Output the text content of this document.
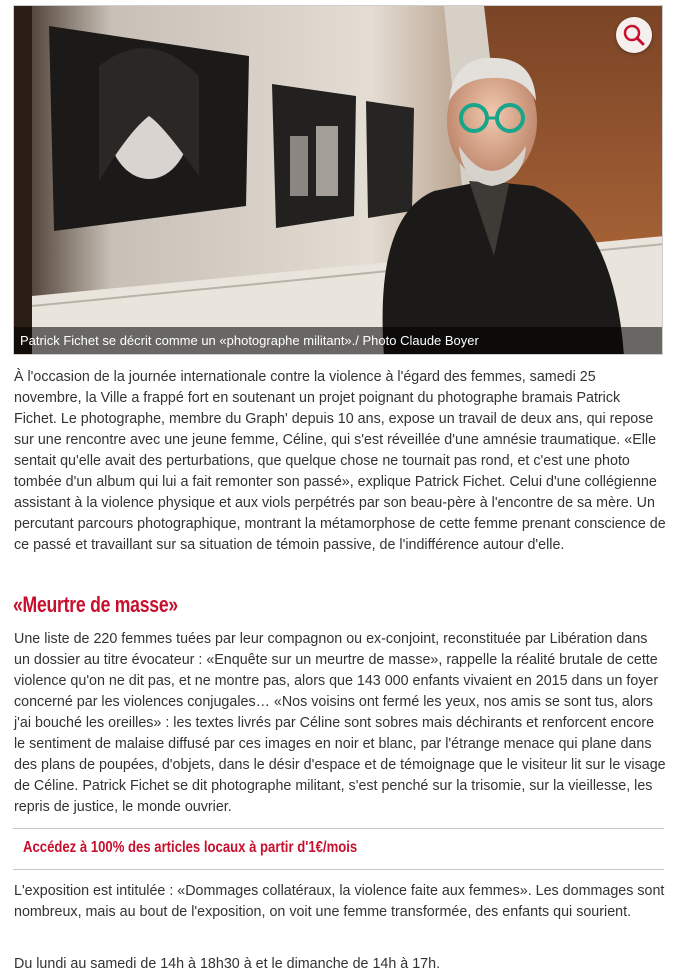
Patrick Fichet se décrit comme un «photographe militant»./ Photo Claude Boyer

À l'occasion de la journée internationale contre la violence à l'égard des femmes, samedi 25 novembre, la Ville a frappé fort en soutenant un projet poignant du photographe bramais Patrick Fichet. Le photographe, membre du Graph' depuis 10 ans, expose un travail de deux ans, qui repose sur une rencontre avec une jeune femme, Céline, qui s'est réveillée d'une amnésie traumatique. «Elle sentait qu'elle avait des perturbations, que quelque chose ne tournait pas rond, et c'est une photo tombée d'un album qui lui a fait remonter son passé», explique Patrick Fichet. Celui d'une collégienne assistant à la violence physique et aux viols perpétrés par son beau-père à l'encontre de sa mère. Un percutant parcours photographique, montrant la métamorphose de cette femme prenant conscience de ce passé et travaillant sur sa situation de témoin passive, de l'indifférence autour d'elle.

«Meurtre de masse»

Une liste de 220 femmes tuées par leur compagnon ou ex-conjoint, reconstituée par Libération dans un dossier au titre évocateur : «Enquête sur un meurtre de masse», rappelle la réalité brutale de cette violence qu'on ne dit pas, et ne montre pas, alors que 143 000 enfants vivaient en 2015 dans un foyer concerné par les violences conjugales… «Nos voisins ont fermé les yeux, nos amis se sont tus, alors j'ai bouché les oreilles» : les textes livrés par Céline sont sobres mais déchirants et renforcent encore le sentiment de malaise diffusé par ces images en noir et blanc, par l'étrange menace qui plane dans des plans de poupées, d'objets, dans le désir d'espace et de témoignage que le visiteur lit sur le visage de Céline. Patrick Fichet se dit photographe militant, s'est penché sur la trisomie, sur la vieillesse, les repris de justice, le monde ouvrier.

Accédez à 100% des articles locaux à partir d'1€/mois

L'exposition est intitulée : «Dommages collatéraux, la violence faite aux femmes». Les dommages sont nombreux, mais au bout de l'exposition, on voit une femme transformée, des enfants qui sourient.

Du lundi au samedi de 14h à 18h30 à et le dimanche de 14h à 17h.
